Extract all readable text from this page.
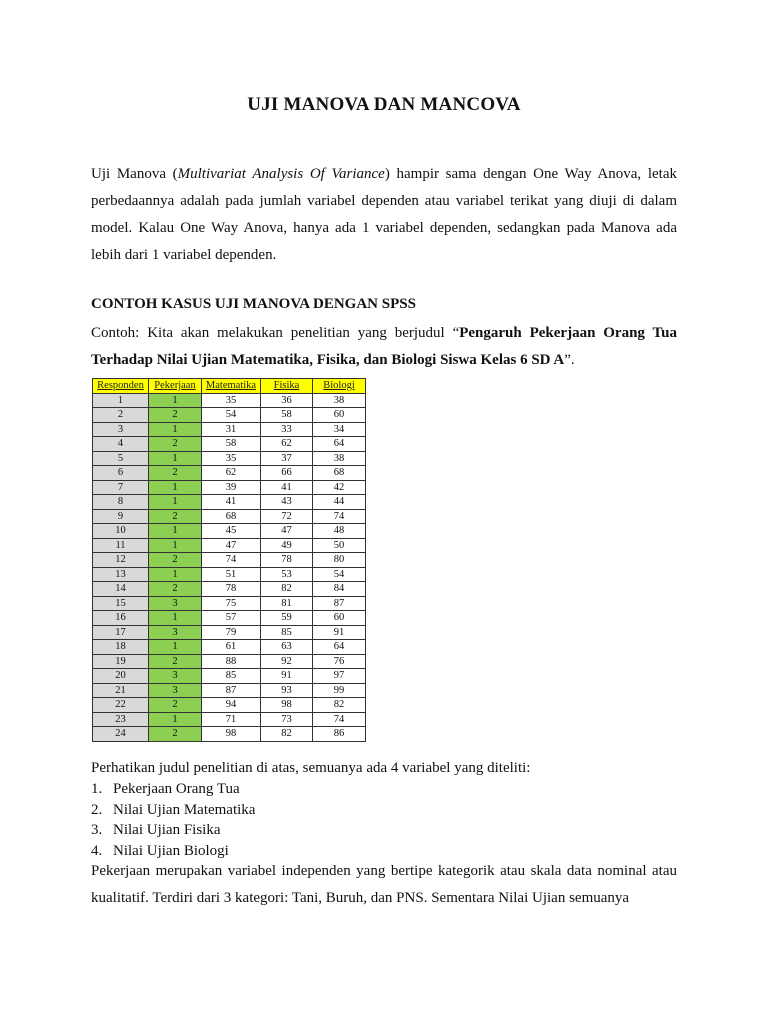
UJI MANOVA DAN MANCOVA
Uji Manova (Multivariat Analysis Of Variance) hampir sama dengan One Way Anova, letak perbedaannya adalah pada jumlah variabel dependen atau variabel terikat yang diuji di dalam model. Kalau One Way Anova, hanya ada 1 variabel dependen, sedangkan pada Manova ada lebih dari 1 variabel dependen.
CONTOH KASUS UJI MANOVA DENGAN SPSS
Contoh: Kita akan melakukan penelitian yang berjudul “Pengaruh Pekerjaan Orang Tua Terhadap Nilai Ujian Matematika, Fisika, dan Biologi Siswa Kelas 6 SD A”.
Responden	Pekerjaan	Matematika	Fisika	Biologi
1	1	35	36	38
2	2	54	58	60
3	1	31	33	34
4	2	58	62	64
5	1	35	37	38
6	2	62	66	68
7	1	39	41	42
8	1	41	43	44
9	2	68	72	74
10	1	45	47	48
11	1	47	49	50
12	2	74	78	80
13	1	51	53	54
14	2	78	82	84
15	3	75	81	87
16	1	57	59	60
17	3	79	85	91
18	1	61	63	64
19	2	88	92	76
20	3	85	91	97
21	3	87	93	99
22	2	94	98	82
23	1	71	73	74
24	2	98	82	86
Perhatikan judul penelitian di atas, semuanya ada 4 variabel yang diteliti:
1. Pekerjaan Orang Tua
2. Nilai Ujian Matematika
3. Nilai Ujian Fisika
4. Nilai Ujian Biologi
Pekerjaan merupakan variabel independen yang bertipe kategorik atau skala data nominal atau kualitatif. Terdiri dari 3 kategori: Tani, Buruh, dan PNS. Sementara Nilai Ujian semuanya
